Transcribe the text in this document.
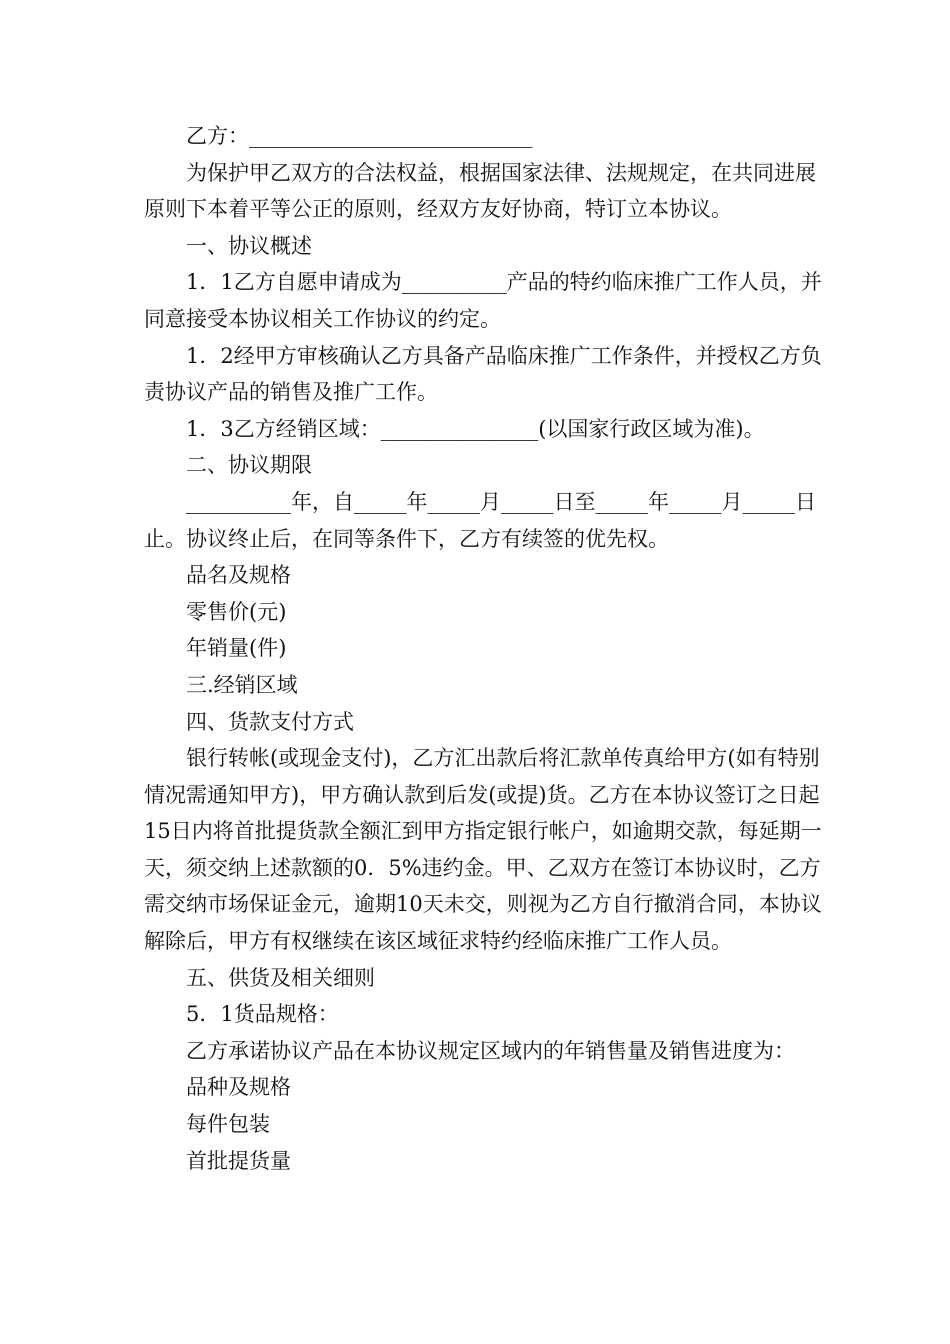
乙方：___________________________

为保护甲乙双方的合法权益，根据国家法律、法规规定，在共同进展原则下本着平等公正的原则，经双方友好协商，特订立本协议。

一、协议概述

1．1乙方自愿申请成为__________产品的特约临床推广工作人员，并同意接受本协议相关工作协议的约定。

1．2经甲方审核确认乙方具备产品临床推广工作条件，并授权乙方负责协议产品的销售及推广工作。

1．3乙方经销区域：_______________(以国家行政区域为准)。

二、协议期限

__________年，自_____年_____月_____日至_____年_____月_____日止。协议终止后，在同等条件下，乙方有续签的优先权。

品名及规格

零售价(元)

年销量(件)

三.经销区域

四、货款支付方式

银行转帐(或现金支付)，乙方汇出款后将汇款单传真给甲方(如有特别情况需通知甲方)，甲方确认款到后发(或提)货。乙方在本协议签订之日起15日内将首批提货款全额汇到甲方指定银行帐户，如逾期交款，每延期一天，须交纳上述款额的0．5%违约金。甲、乙双方在签订本协议时，乙方需交纳市场保证金元，逾期10天未交，则视为乙方自行撤消合同，本协议解除后，甲方有权继续在该区域征求特约经临床推广工作人员。

五、供货及相关细则

5．1货品规格：

乙方承诺协议产品在本协议规定区域内的年销售量及销售进度为：

品种及规格

每件包装

首批提货量
